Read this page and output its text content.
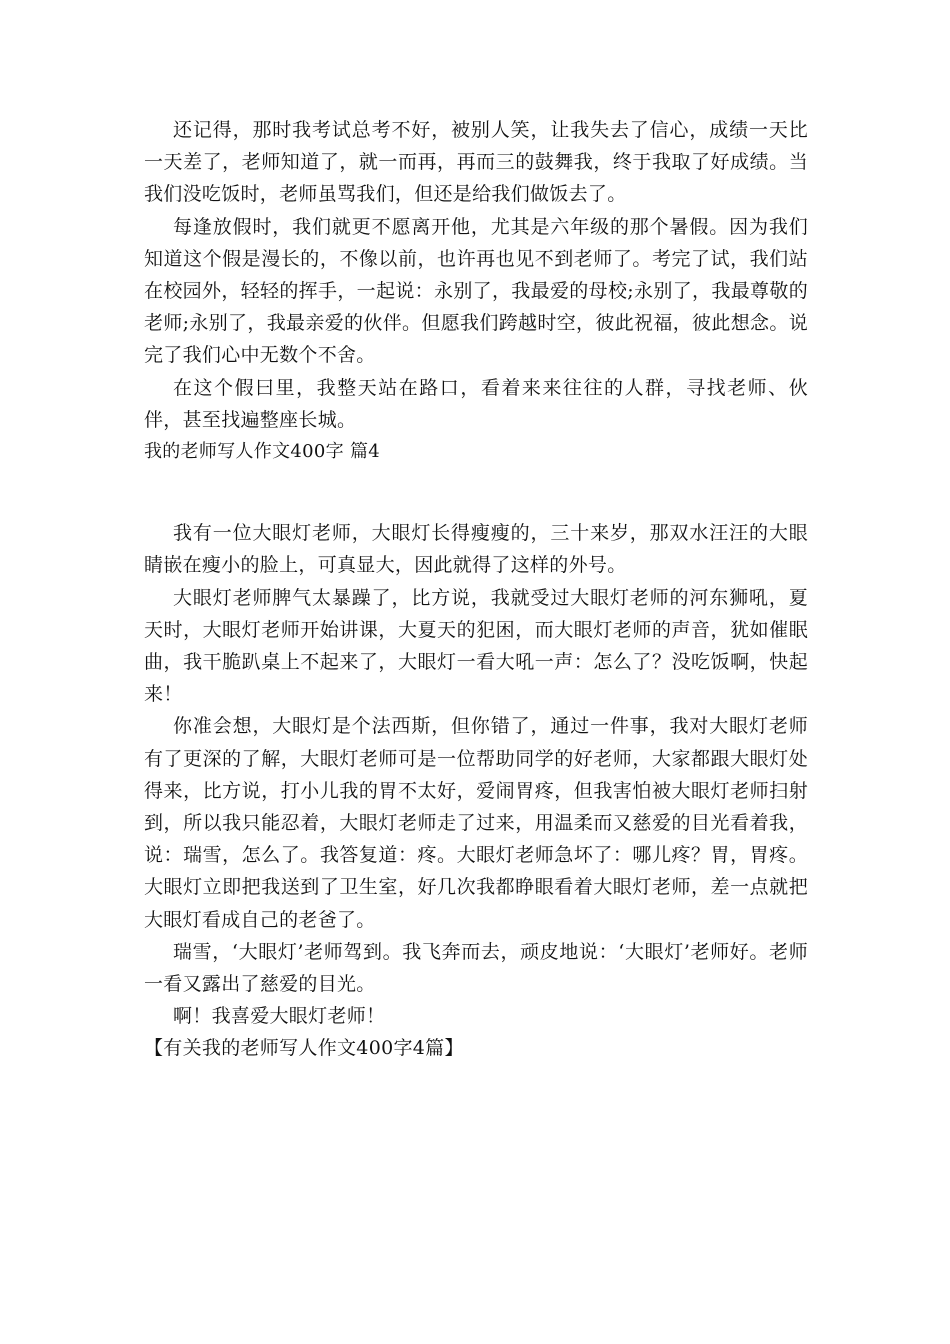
还记得，那时我考试总考不好，被别人笑，让我失去了信心，成绩一天比一天差了，老师知道了，就一而再，再而三的鼓舞我，终于我取了好成绩。当我们没吃饭时，老师虽骂我们，但还是给我们做饭去了。

每逢放假时，我们就更不愿离开他，尤其是六年级的那个暑假。因为我们知道这个假是漫长的，不像以前，也许再也见不到老师了。考完了试，我们站在校园外，轻轻的挥手，一起说：永别了，我最爱的母校;永别了，我最尊敬的老师;永别了，我最亲爱的伙伴。但愿我们跨越时空，彼此祝福，彼此想念。说完了我们心中无数个不舍。

在这个假曰里，我整天站在路口，看着来来往往的人群，寻找老师、伙伴，甚至找遍整座长城。

我的老师写人作文400字 篇4

我有一位大眼灯老师，大眼灯长得瘦瘦的，三十来岁，那双水汪汪的大眼睛嵌在瘦小的脸上，可真显大，因此就得了这样的外号。

大眼灯老师脾气太暴躁了，比方说，我就受过大眼灯老师的河东狮吼，夏天时，大眼灯老师开始讲课，大夏天的犯困，而大眼灯老师的声音，犹如催眠曲，我干脆趴桌上不起来了，大眼灯一看大吼一声：怎么了？没吃饭啊，快起来！

你准会想，大眼灯是个法西斯，但你错了，通过一件事，我对大眼灯老师有了更深的了解，大眼灯老师可是一位帮助同学的好老师，大家都跟大眼灯处得来，比方说，打小儿我的胃不太好，爱闹胃疼，但我害怕被大眼灯老师扫射到，所以我只能忍着，大眼灯老师走了过来，用温柔而又慈爱的目光看着我，说：瑞雪，怎么了。我答复道：疼。大眼灯老师急坏了：哪儿疼？胃，胃疼。大眼灯立即把我送到了卫生室，好几次我都睁眼看着大眼灯老师，差一点就把大眼灯看成自己的老爸了。

瑞雪，‘大眼灯’老师驾到。我飞奔而去，顽皮地说：‘大眼灯’老师好。老师一看又露出了慈爱的目光。

啊！我喜爱大眼灯老师！

【有关我的老师写人作文400字4篇】
